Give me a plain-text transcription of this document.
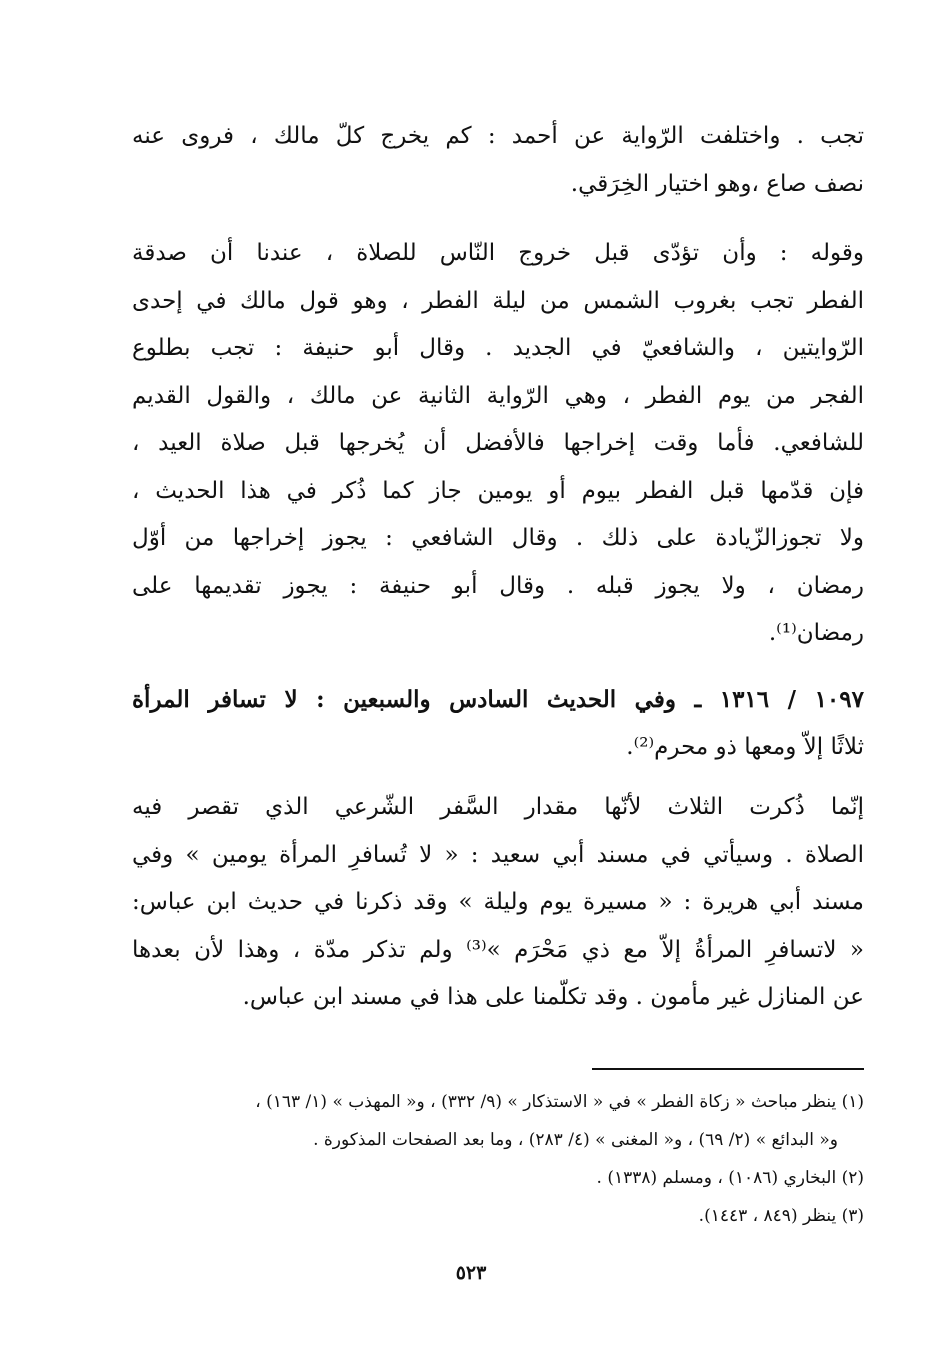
تجب . واختلفت الرّواية عن أحمد : كم يخرج كلّ مالك ، فروى عنه
نصف صاع ،وهو اختيار الخِرَقي.
وقوله : وأن تؤدّى قبل خروج النّاس للصلاة ، عندنا أن صدقة
الفطر تجب بغروب الشمس من ليلة الفطر ، وهو قول مالك في إحدى
الرّوايتين ، والشافعيّ في الجديد . وقال أبو حنيفة : تجب بطلوع
الفجر من يوم الفطر ، وهي الرّواية الثانية عن مالك ، والقول القديم
للشافعي. فأما وقت إخراجها فالأفضل أن يُخرجها قبل صلاة العيد ،
فإن قدّمها قبل الفطر بيوم أو يومين جاز كما ذُكر في هذا الحديث ،
ولا تجوزالزّيادة على ذلك . وقال الشافعي : يجوز إخراجها من أوّل
رمضان ، ولا يجوز قبله . وقال أبو حنيفة : يجوز تقديمها على
رمضان⁽¹⁾.
١٠٩٧ / ١٣١٦ ـ وفي الحديث السادس والسبعين : لا تسافر المرأة
ثلاثًا إلاّ ومعها ذو محرم⁽²⁾.
إنّما ذُكرت الثلاث لأنّها مقدار السَّفر الشّرعي الذي تقصر فيه
الصلاة . وسيأتي في مسند أبي سعيد : « لا تُسافرِ المرأة يومين » وفي
مسند أبي هريرة : « مسيرة يوم وليلة » وقد ذكرنا في حديث ابن عباس:
« لاتسافرِ المرأةُ إلاّ مع ذي مَحْرَم »⁽³⁾ ولم تذكر مدّة ، وهذا لأن بعدها
عن المنازل غير مأمون . وقد تكلّمنا على هذا في مسند ابن عباس.
(١) ينظر مباحث « زكاة الفطر » في « الاستذكار » (٩/ ٣٣٢) ، و« المهذب » (١/ ١٦٣) ،
و« البدائع » (٢/ ٦٩) ، و« المغنى » (٤/ ٢٨٣) ، وما بعد الصفحات المذكورة .
(٢) البخاري (١٠٨٦) ، ومسلم (١٣٣٨) .
(٣) ينظر (٨٤٩ ، ١٤٤٣).
٥٢٣
